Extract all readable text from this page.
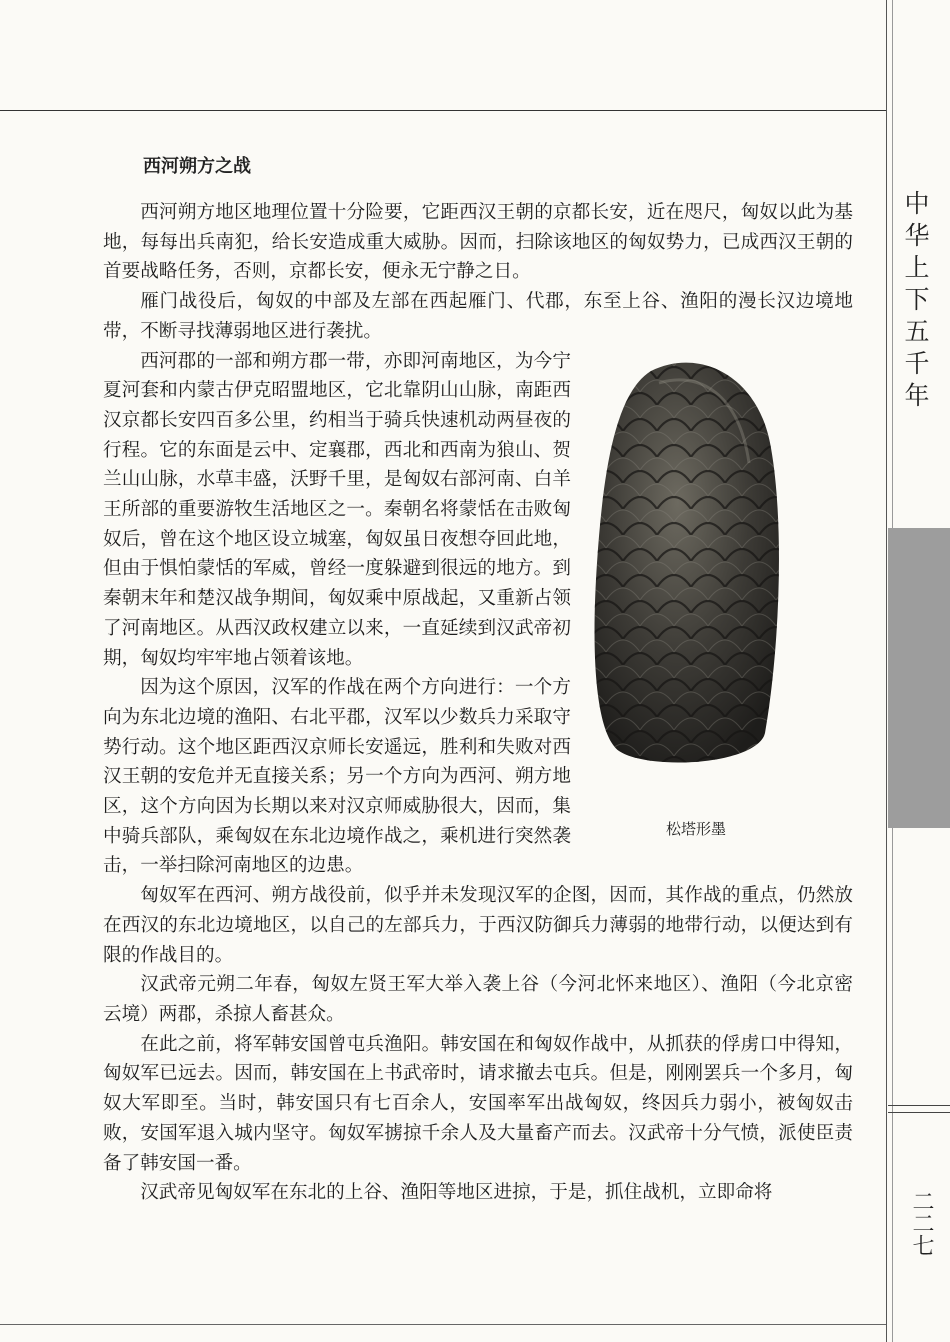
中华上下五千年
二二七
西河朔方之战

西河朔方地区地理位置十分险要，它距西汉王朝的京都长安，近在咫尺，匈奴以此为基地，每每出兵南犯，给长安造成重大威胁。因而，扫除该地区的匈奴势力，已成西汉王朝的首要战略任务，否则，京都长安，便永无宁静之日。

雁门战役后，匈奴的中部及左部在西起雁门、代郡，东至上谷、渔阳的漫长汉边境地带，不断寻找薄弱地区进行袭扰。

松塔形墨

西河郡的一部和朔方郡一带，亦即河南地区，为今宁夏河套和内蒙古伊克昭盟地区，它北靠阴山山脉，南距西汉京都长安四百多公里，约相当于骑兵快速机动两昼夜的行程。它的东面是云中、定襄郡，西北和西南为狼山、贺兰山山脉，水草丰盛，沃野千里，是匈奴右部河南、白羊王所部的重要游牧生活地区之一。秦朝名将蒙恬在击败匈奴后，曾在这个地区设立城塞，匈奴虽日夜想夺回此地，但由于惧怕蒙恬的军威，曾经一度躲避到很远的地方。到秦朝末年和楚汉战争期间，匈奴乘中原战起，又重新占领了河南地区。从西汉政权建立以来，一直延续到汉武帝初期，匈奴均牢牢地占领着该地。

因为这个原因，汉军的作战在两个方向进行：一个方向为东北边境的渔阳、右北平郡，汉军以少数兵力采取守势行动。这个地区距西汉京师长安遥远，胜利和失败对西汉王朝的安危并无直接关系；另一个方向为西河、朔方地区，这个方向因为长期以来对汉京师威胁很大，因而，集中骑兵部队，乘匈奴在东北边境作战之，乘机进行突然袭击，一举扫除河南地区的边患。

匈奴军在西河、朔方战役前，似乎并未发现汉军的企图，因而，其作战的重点，仍然放在西汉的东北边境地区，以自己的左部兵力，于西汉防御兵力薄弱的地带行动，以便达到有限的作战目的。

汉武帝元朔二年春，匈奴左贤王军大举入袭上谷（今河北怀来地区）、渔阳（今北京密云境）两郡，杀掠人畜甚众。

在此之前，将军韩安国曾屯兵渔阳。韩安国在和匈奴作战中，从抓获的俘虏口中得知，匈奴军已远去。因而，韩安国在上书武帝时，请求撤去屯兵。但是，刚刚罢兵一个多月，匈奴大军即至。当时，韩安国只有七百余人，安国率军出战匈奴，终因兵力弱小，被匈奴击败，安国军退入城内坚守。匈奴军掳掠千余人及大量畜产而去。汉武帝十分气愤，派使臣责备了韩安国一番。

汉武帝见匈奴军在东北的上谷、渔阳等地区进掠，于是，抓住战机，立即命将
